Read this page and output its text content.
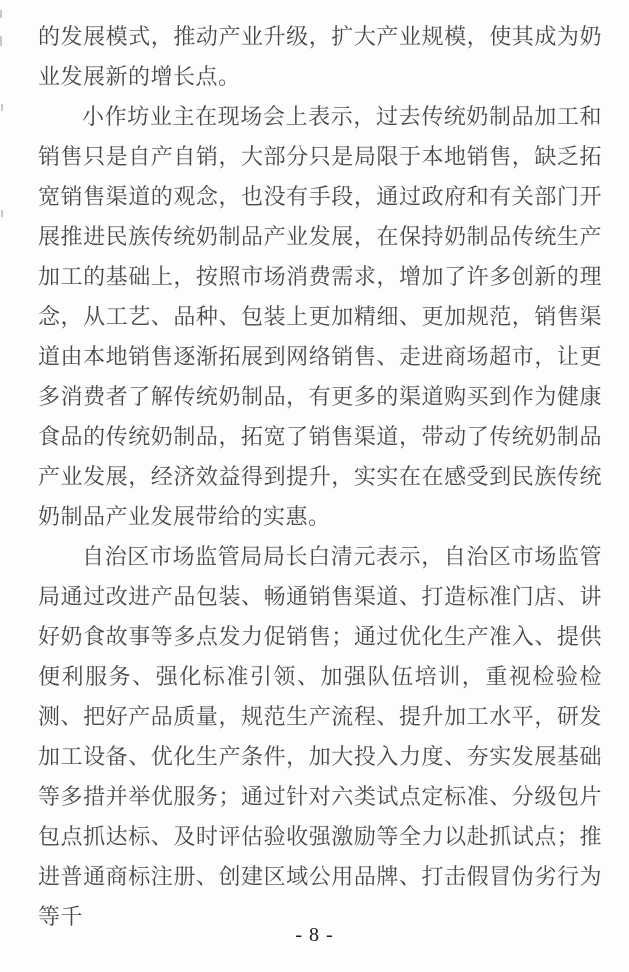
的发展模式，推动产业升级，扩大产业规模，使其成为奶业发展新的增长点。

小作坊业主在现场会上表示，过去传统奶制品加工和销售只是自产自销，大部分只是局限于本地销售，缺乏拓宽销售渠道的观念，也没有手段，通过政府和有关部门开展推进民族传统奶制品产业发展，在保持奶制品传统生产加工的基础上，按照市场消费需求，增加了许多创新的理念，从工艺、品种、包装上更加精细、更加规范，销售渠道由本地销售逐渐拓展到网络销售、走进商场超市，让更多消费者了解传统奶制品，有更多的渠道购买到作为健康食品的传统奶制品，拓宽了销售渠道，带动了传统奶制品产业发展，经济效益得到提升，实实在在感受到民族传统奶制品产业发展带给的实惠。

自治区市场监管局局长白清元表示，自治区市场监管局通过改进产品包装、畅通销售渠道、打造标准门店、讲好奶食故事等多点发力促销售；通过优化生产准入、提供便利服务、强化标准引领、加强队伍培训，重视检验检测、把好产品质量，规范生产流程、提升加工水平，研发加工设备、优化生产条件，加大投入力度、夯实发展基础等多措并举优服务；通过针对六类试点定标准、分级包片包点抓达标、及时评估验收强激励等全力以赴抓试点；推进普通商标注册、创建区域公用品牌、打击假冒伪劣行为等千

- 8 -
